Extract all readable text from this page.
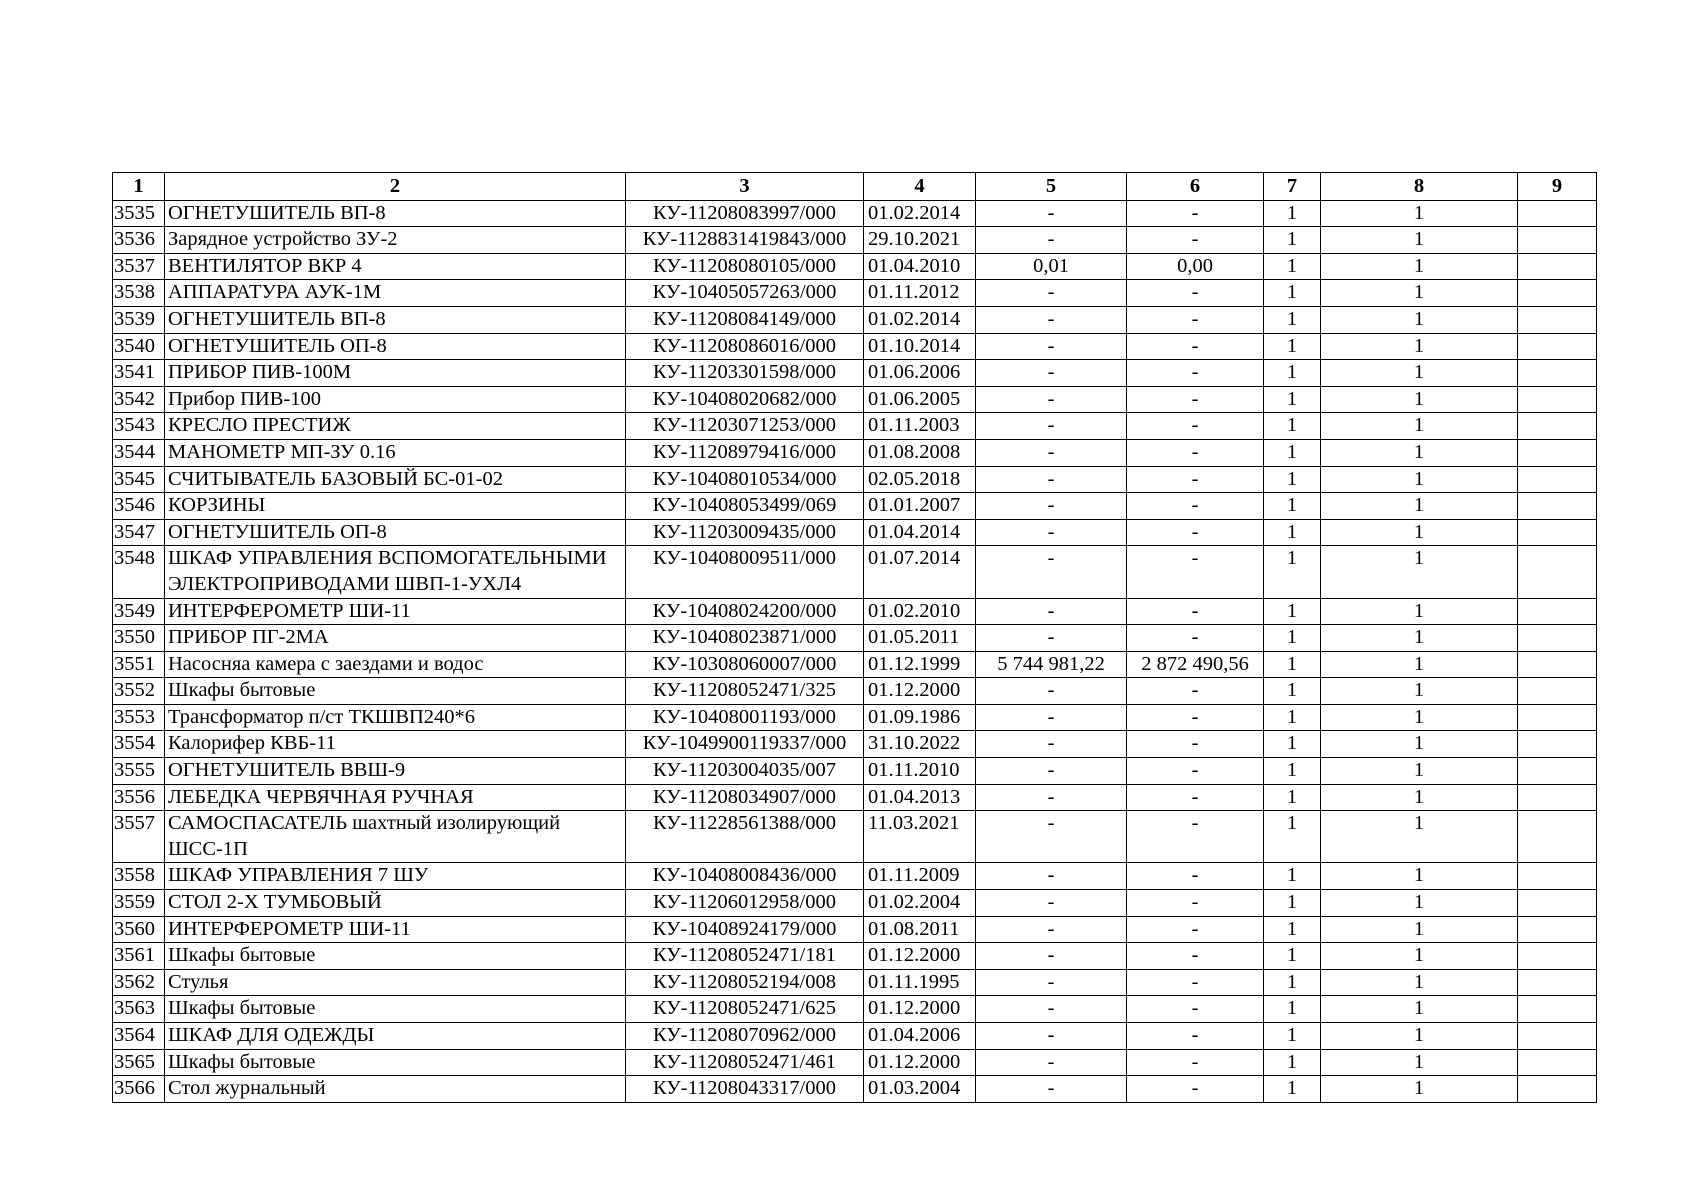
1	2	3	4	5	6	7	8	9
3535	ОГНЕТУШИТЕЛЬ ВП-8	КУ-11208083997/000	01.02.2014	-	-	1	1	
3536	Зарядное устройство ЗУ-2	КУ-1128831419843/000	29.10.2021	-	-	1	1	
3537	ВЕНТИЛЯТОР ВКР 4	КУ-11208080105/000	01.04.2010	0,01	0,00	1	1	
3538	АППАРАТУРА АУК-1М	КУ-10405057263/000	01.11.2012	-	-	1	1	
3539	ОГНЕТУШИТЕЛЬ ВП-8	КУ-11208084149/000	01.02.2014	-	-	1	1	
3540	ОГНЕТУШИТЕЛЬ ОП-8	КУ-11208086016/000	01.10.2014	-	-	1	1	
3541	ПРИБОР ПИВ-100М	КУ-11203301598/000	01.06.2006	-	-	1	1	
3542	Прибор ПИВ-100	КУ-10408020682/000	01.06.2005	-	-	1	1	
3543	КРЕСЛО ПРЕСТИЖ	КУ-11203071253/000	01.11.2003	-	-	1	1	
3544	МАНОМЕТР МП-ЗУ 0.16	КУ-11208979416/000	01.08.2008	-	-	1	1	
3545	СЧИТЫВАТЕЛЬ БАЗОВЫЙ БС-01-02	КУ-10408010534/000	02.05.2018	-	-	1	1	
3546	КОРЗИНЫ	КУ-10408053499/069	01.01.2007	-	-	1	1	
3547	ОГНЕТУШИТЕЛЬ ОП-8	КУ-11203009435/000	01.04.2014	-	-	1	1	
3548	ШКАФ УПРАВЛЕНИЯ ВСПОМОГАТЕЛЬНЫМИ ЭЛЕКТРОПРИВОДАМИ ШВП-1-УХЛ4	КУ-10408009511/000	01.07.2014	-	-	1	1	
3549	ИНТЕРФЕРОМЕТР ШИ-11	КУ-10408024200/000	01.02.2010	-	-	1	1	
3550	ПРИБОР ПГ-2МА	КУ-10408023871/000	01.05.2011	-	-	1	1	
3551	Насосняа камера с заездами и водос	КУ-10308060007/000	01.12.1999	5 744 981,22	2 872 490,56	1	1	
3552	Шкафы бытовые	КУ-11208052471/325	01.12.2000	-	-	1	1	
3553	Трансформатор п/ст ТКШВП240*6	КУ-10408001193/000	01.09.1986	-	-	1	1	
3554	Калорифер КВБ-11	КУ-1049900119337/000	31.10.2022	-	-	1	1	
3555	ОГНЕТУШИТЕЛЬ ВВШ-9	КУ-11203004035/007	01.11.2010	-	-	1	1	
3556	ЛЕБЕДКА ЧЕРВЯЧНАЯ РУЧНАЯ	КУ-11208034907/000	01.04.2013	-	-	1	1	
3557	САМОСПАСАТЕЛЬ шахтный изолирующий ШСС-1П	КУ-11228561388/000	11.03.2021	-	-	1	1	
3558	ШКАФ УПРАВЛЕНИЯ 7 ШУ	КУ-10408008436/000	01.11.2009	-	-	1	1	
3559	СТОЛ 2-Х ТУМБОВЫЙ	КУ-11206012958/000	01.02.2004	-	-	1	1	
3560	ИНТЕРФЕРОМЕТР ШИ-11	КУ-10408924179/000	01.08.2011	-	-	1	1	
3561	Шкафы бытовые	КУ-11208052471/181	01.12.2000	-	-	1	1	
3562	Стулья	КУ-11208052194/008	01.11.1995	-	-	1	1	
3563	Шкафы бытовые	КУ-11208052471/625	01.12.2000	-	-	1	1	
3564	ШКАФ ДЛЯ ОДЕЖДЫ	КУ-11208070962/000	01.04.2006	-	-	1	1	
3565	Шкафы бытовые	КУ-11208052471/461	01.12.2000	-	-	1	1	
3566	Стол журнальный	КУ-11208043317/000	01.03.2004	-	-	1	1	
